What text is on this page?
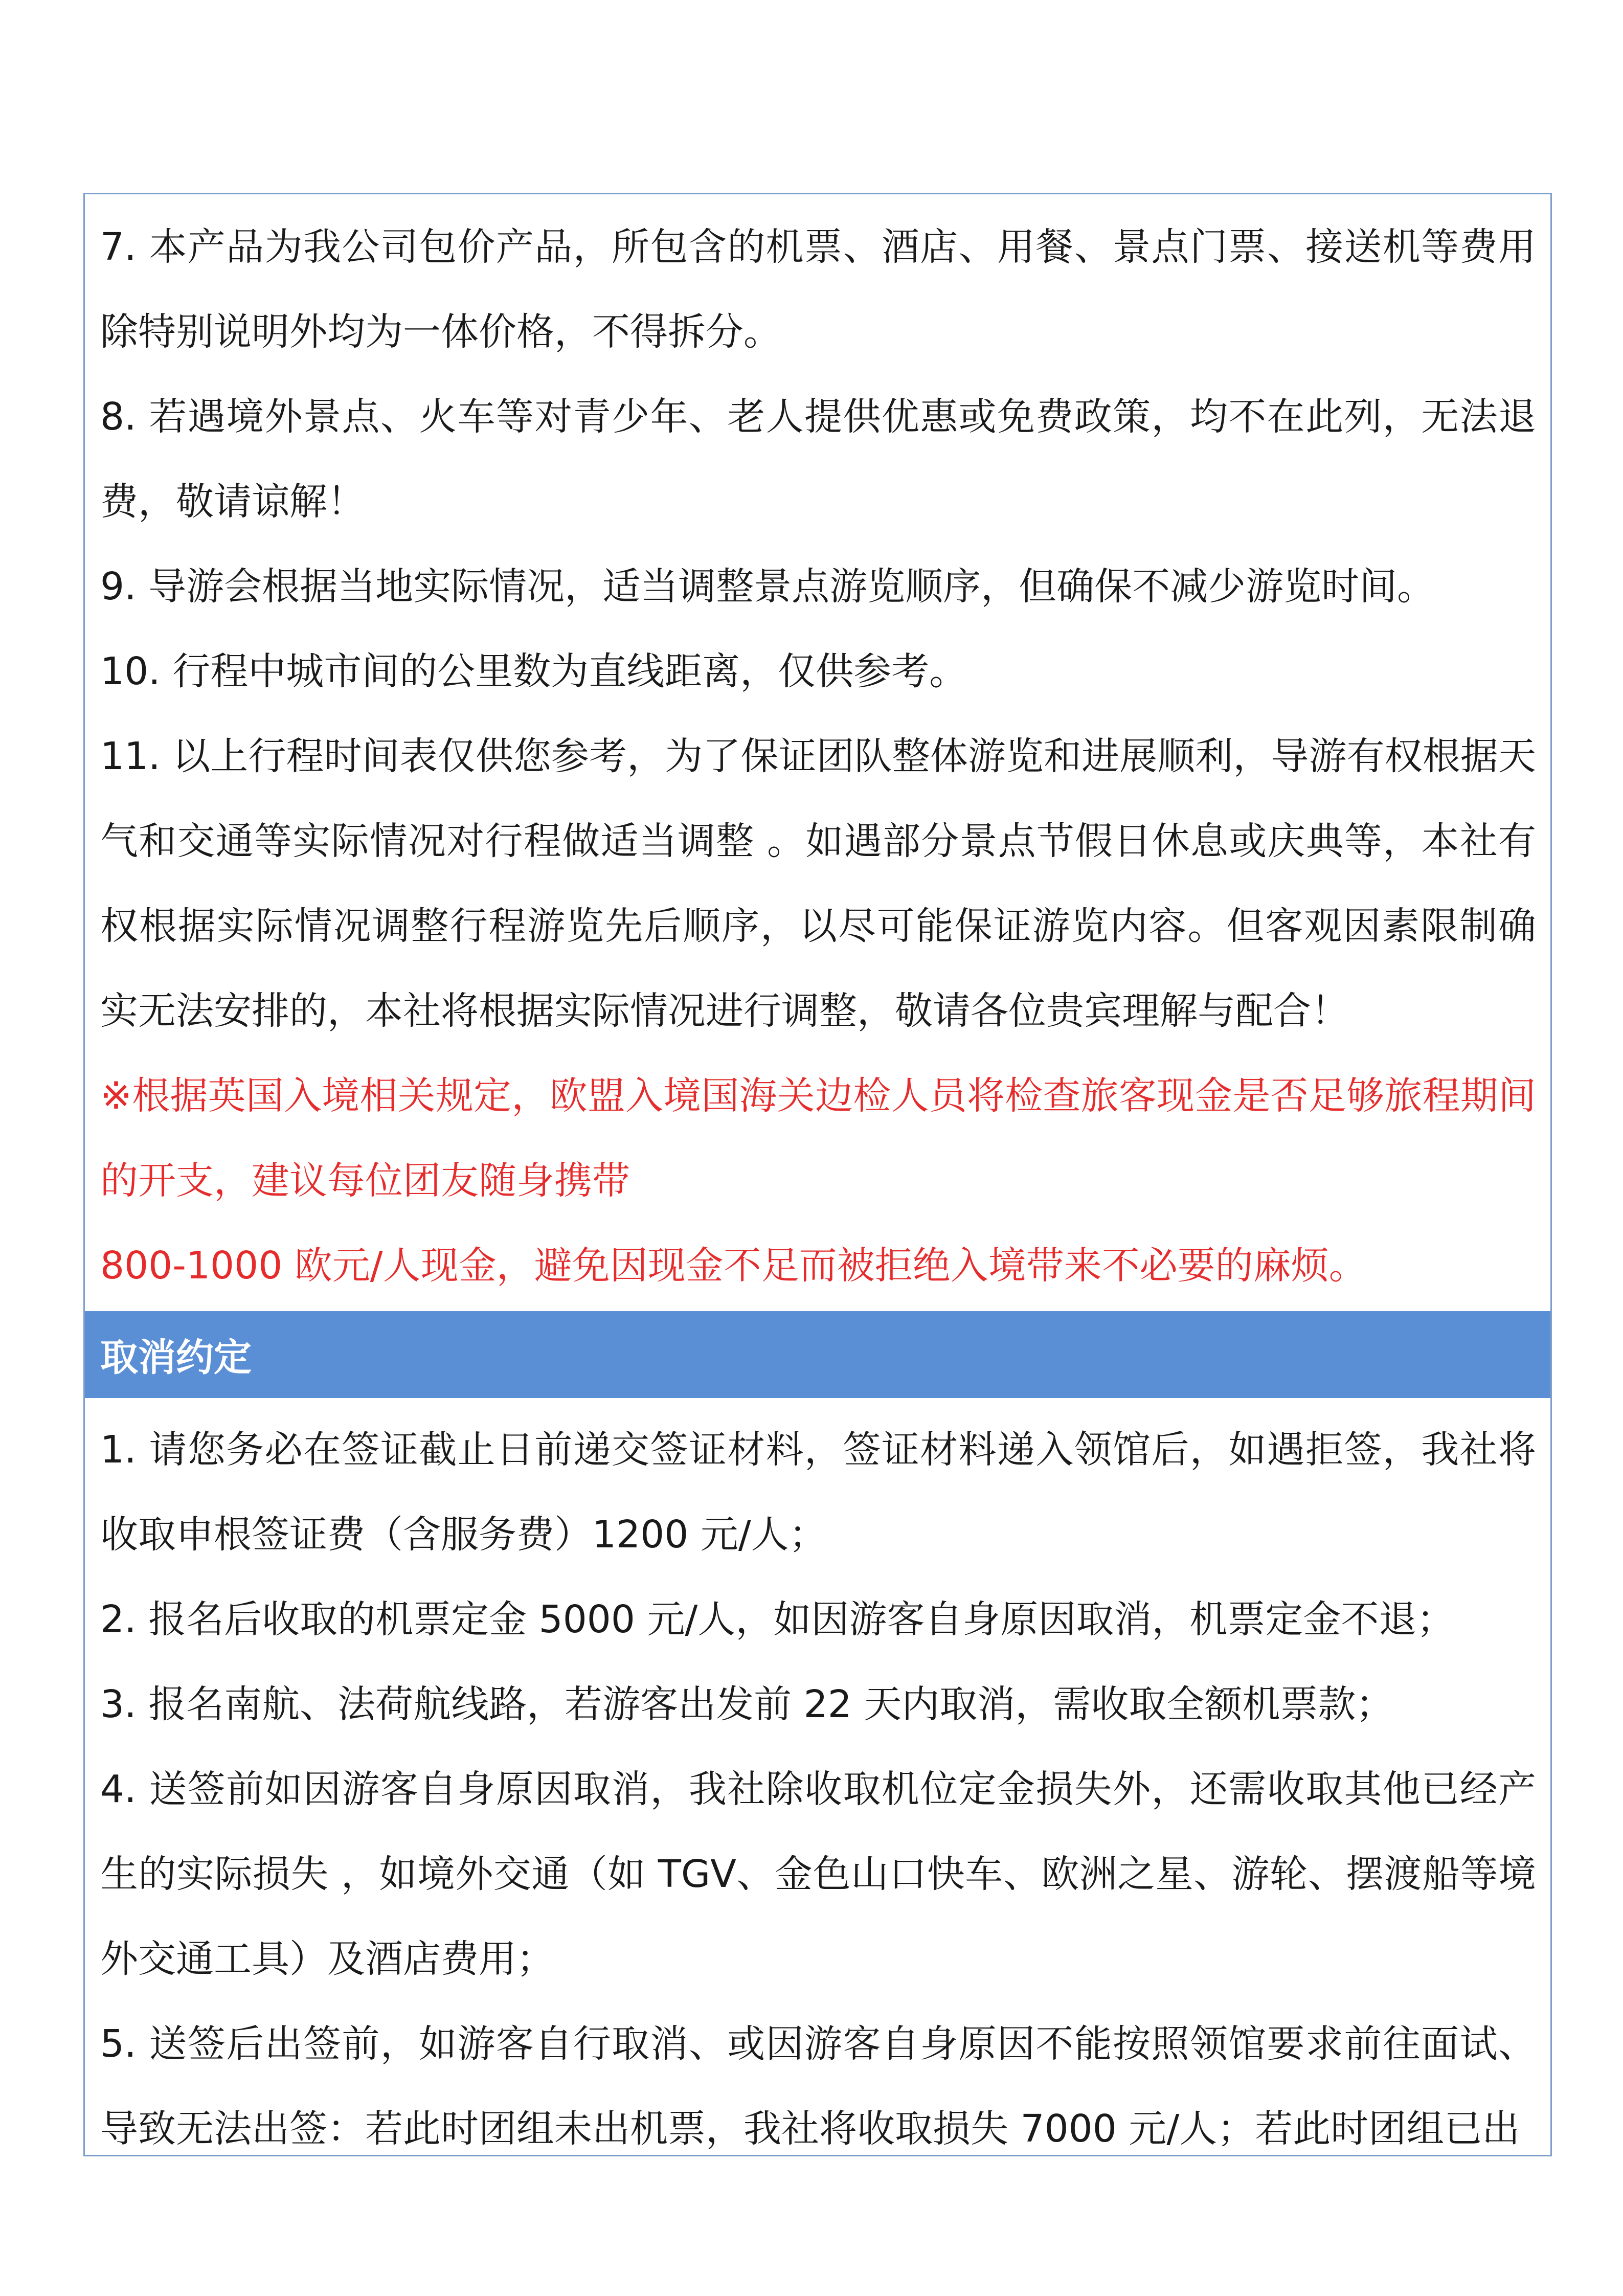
7. 本产品为我公司包价产品，所包含的机票、酒店、用餐、景点门票、接送机等费用除特别说明外均为一体价格，不得拆分。

8. 若遇境外景点、火车等对青少年、老人提供优惠或免费政策，均不在此列，无法退费，敬请谅解！

9. 导游会根据当地实际情况，适当调整景点游览顺序，但确保不减少游览时间。

10. 行程中城市间的公里数为直线距离，仅供参考。

11. 以上行程时间表仅供您参考，为了保证团队整体游览和进展顺利，导游有权根据天气和交通等实际情况对行程做适当调整 。如遇部分景点节假日休息或庆典等，本社有权根据实际情况调整行程游览先后顺序，以尽可能保证游览内容。但客观因素限制确实无法安排的，本社将根据实际情况进行调整，敬请各位贵宾理解与配合！

※根据英国入境相关规定，欧盟入境国海关边检人员将检查旅客现金是否足够旅程期间的开支，建议每位团友随身携带

800-1000 欧元/人现金，避免因现金不足而被拒绝入境带来不必要的麻烦。

取消约定

1. 请您务必在签证截止日前递交签证材料，签证材料递入领馆后，如遇拒签，我社将收取申根签证费（含服务费）1200 元/人；

2. 报名后收取的机票定金 5000 元/人，如因游客自身原因取消，机票定金不退；

3. 报名南航、法荷航线路，若游客出发前 22 天内取消，需收取全额机票款；

4. 送签前如因游客自身原因取消，我社除收取机位定金损失外，还需收取其他已经产生的实际损失 ，如境外交通（如 TGV、金色山口快车、欧洲之星、游轮、摆渡船等境外交通工具）及酒店费用；

5. 送签后出签前，如游客自行取消、或因游客自身原因不能按照领馆要求前往面试、导致无法出签：若此时团组未出机票，我社将收取损失 7000 元/人；若此时团组已出
